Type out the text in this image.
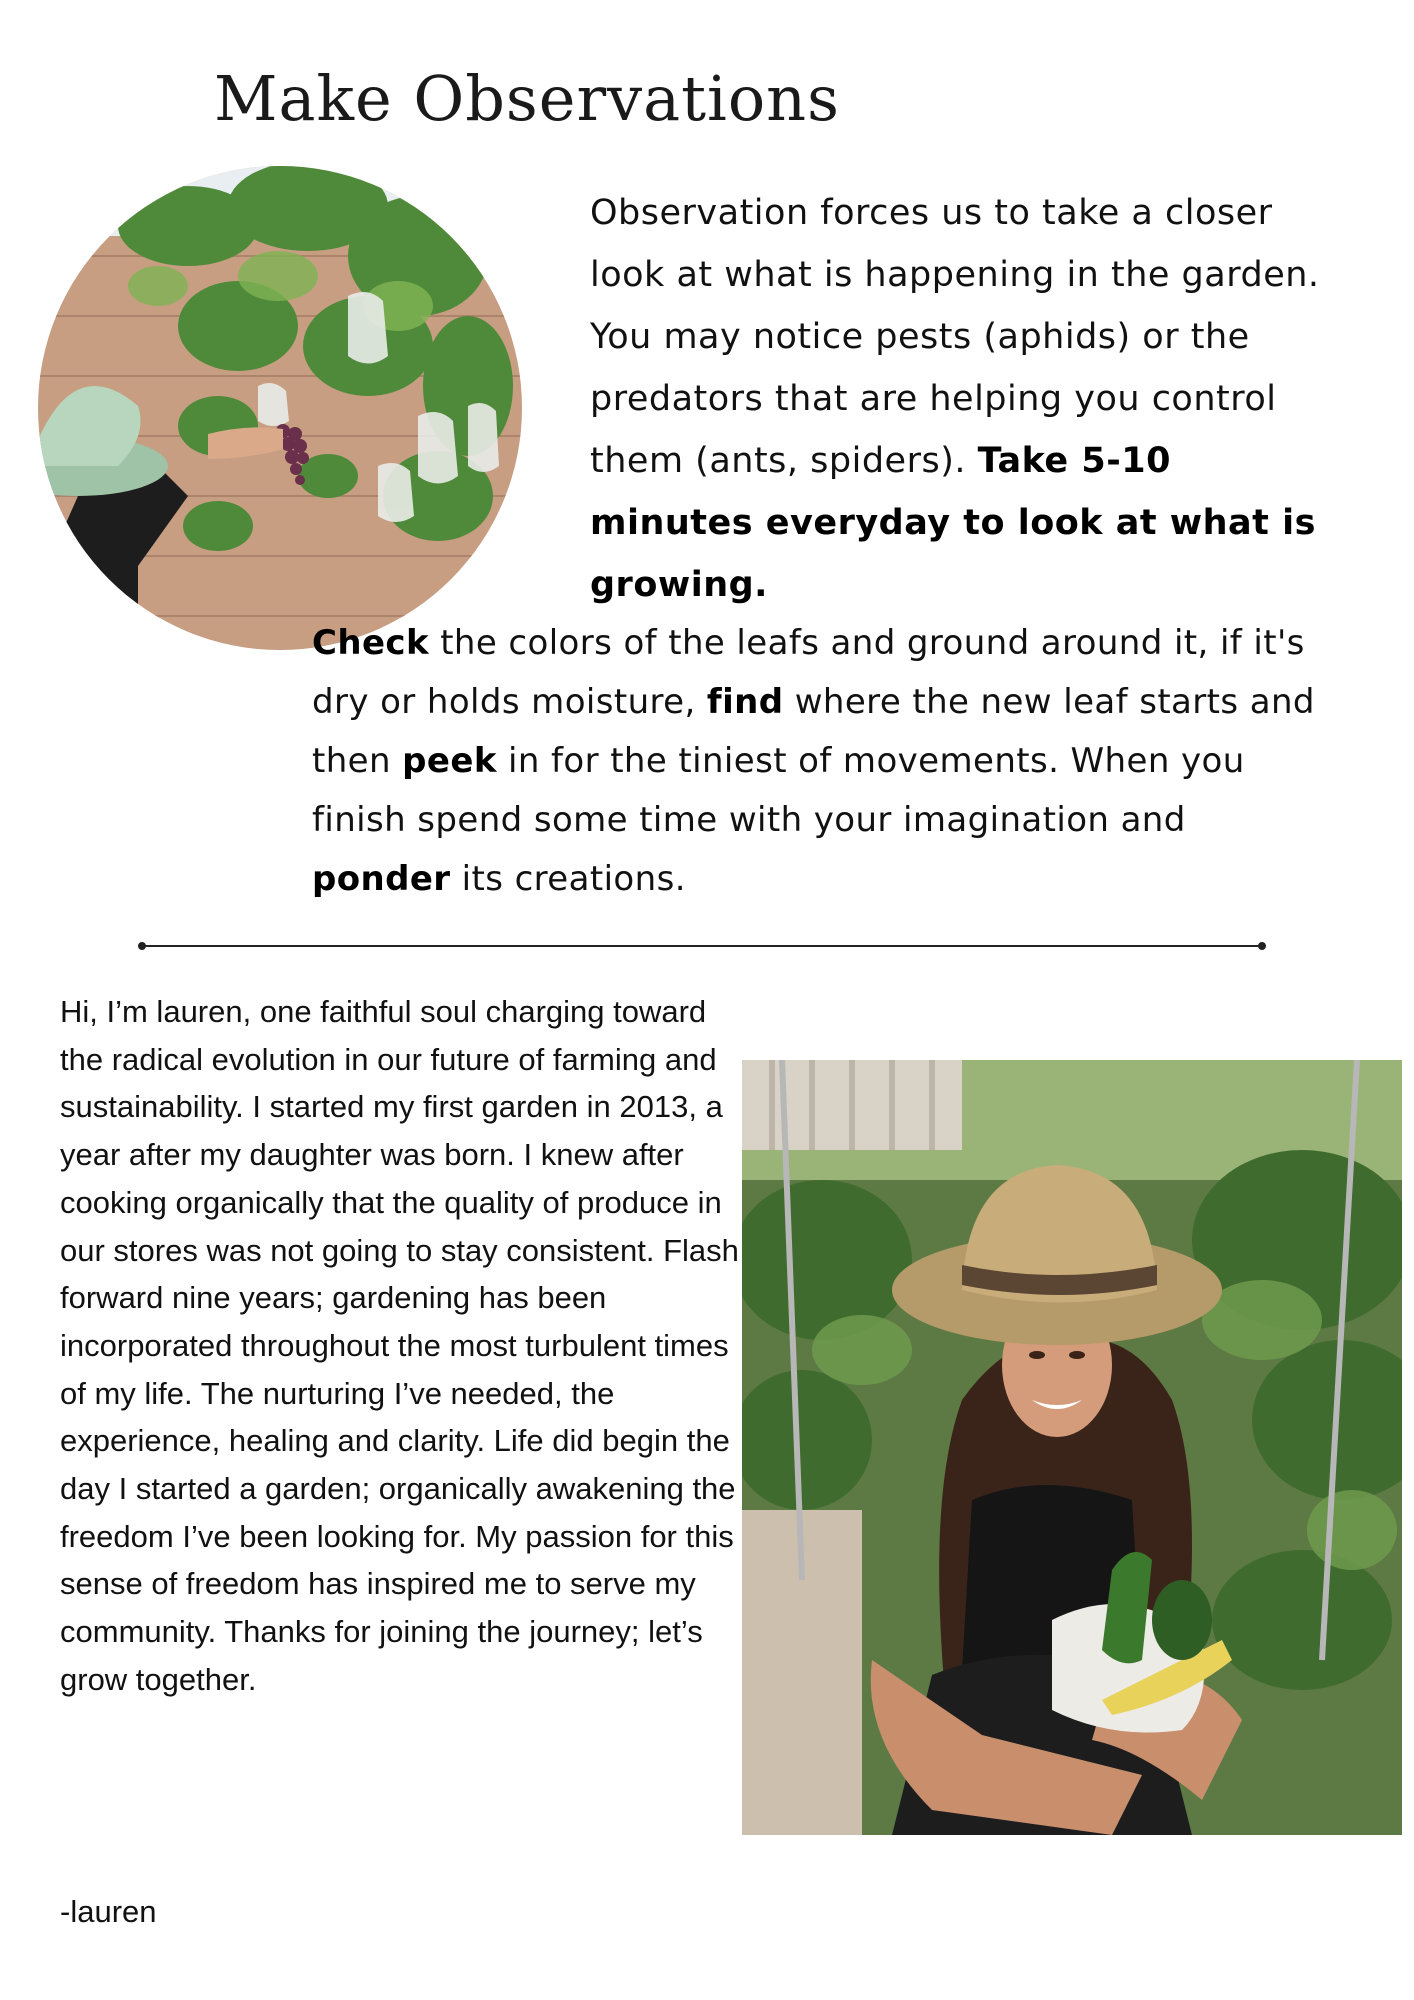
Make Observations
Observation forces us to take a closer look at what is happening in the garden. You may notice pests (aphids) or the predators that are helping you control them (ants, spiders). Take 5-10 minutes everyday to look at what is growing.
Check the colors of the leafs and ground around it, if it's dry or holds moisture, find where the new leaf starts and then peek in for the tiniest of movements. When you finish spend some time with your imagination and ponder its creations.
Hi, I’m lauren, one faithful soul charging toward the radical evolution in our future of farming and sustainability. I started my first garden in 2013, a year after my daughter was born. I knew after cooking organically that the quality of produce in our stores was not going to stay consistent. Flash forward nine years; gardening has been incorporated throughout the most turbulent times of my life. The nurturing I’ve needed, the experience, healing and clarity. Life did begin the day I started a garden; organically awakening the freedom I’ve been looking for. My passion for this sense of freedom has inspired me to serve my community. Thanks for joining the journey; let’s grow together.
-lauren
